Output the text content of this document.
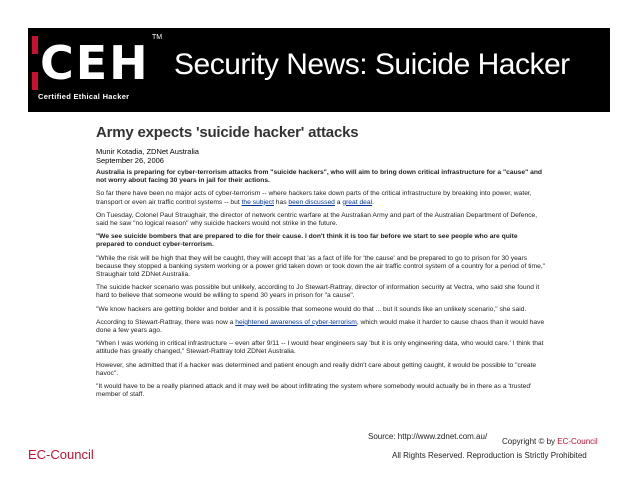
CEH TM
Certified Ethical Hacker
Security News: Suicide Hacker
Army expects 'suicide hacker' attacks
Munir Kotadia, ZDNet Australia
September 26, 2006

Australia is preparing for cyber-terrorism attacks from "suicide hackers", who will aim to bring down critical infrastructure for a "cause" and not worry about facing 30 years in jail for their actions.

So far there have been no major acts of cyber-terrorism -- where hackers take down parts of the critical infrastructure by breaking into power, water, transport or even air traffic control systems -- but the subject has been discussed a great deal.

On Tuesday, Colonel Paul Straughair, the director of network centric warfare at the Australian Army and part of the Australian Department of Defence, said he saw "no logical reason" why suicide hackers would not strike in the future.

"We see suicide bombers that are prepared to die for their cause. I don't think it is too far before we start to see people who are quite prepared to conduct cyber-terrorism.

"While the risk will be high that they will be caught, they will accept that 'as a fact of life for 'the cause' and be prepared to go to prison for 30 years because they stopped a banking system working or a power grid taken down or took down the air traffic control system of a country for a period of time," Straughair told ZDNet Australia.

The suicide hacker scenario was possible but unlikely, according to Jo Stewart-Rattray, director of information security at Vectra, who said she found it hard to believe that someone would be willing to spend 30 years in prison for "a cause".

"We know hackers are getting bolder and bolder and it is possible that someone would do that ... but it sounds like an unlikely scenario," she said.

According to Stewart-Rattray, there was now a heightened awareness of cyber-terrorism, which would make it harder to cause chaos than it would have done a few years ago.

"When I was working in critical infrastructure -- even after 9/11 -- I would hear engineers say 'but it is only engineering data, who would care.' I think that attitude has greatly changed," Stewart-Rattray told ZDNet Australia.

However, she admitted that if a hacker was determined and patient enough and really didn't care about getting caught, it would be possible to "create havoc".

"It would have to be a really planned attack and it may well be about infiltrating the system where somebody would actually be in there as a 'trusted' member of staff.

Source: http://www.zdnet.com.au/
Copyright © by EC-Council
EC-Council	All Rights Reserved. Reproduction is Strictly Prohibited
